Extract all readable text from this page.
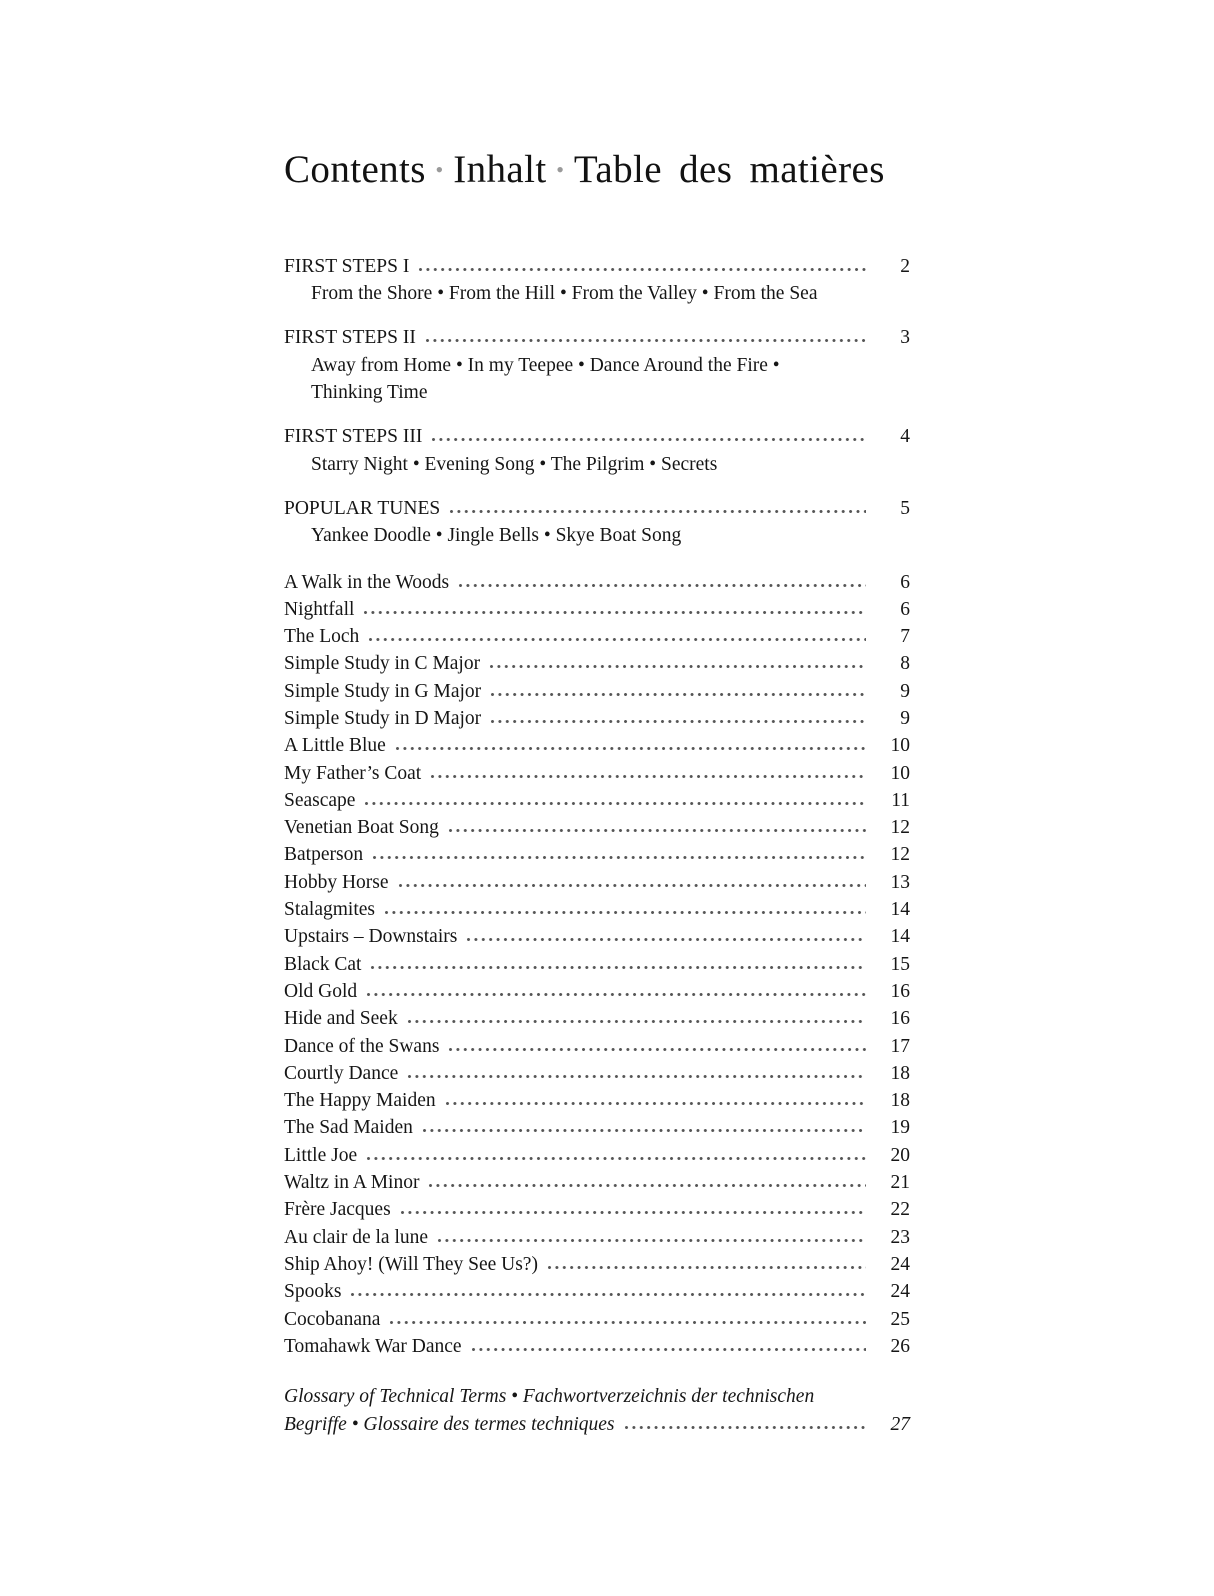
Contents • Inhalt • Table des matières
FIRST STEPS I	2
From the Shore • From the Hill • From the Valley • From the Sea
FIRST STEPS II	3
Away from Home • In my Teepee • Dance Around the Fire •
Thinking Time
FIRST STEPS III	4
Starry Night • Evening Song • The Pilgrim • Secrets
POPULAR TUNES	5
Yankee Doodle • Jingle Bells • Skye Boat Song
A Walk in the Woods	6
Nightfall	6
The Loch	7
Simple Study in C Major	8
Simple Study in G Major	9
Simple Study in D Major	9
A Little Blue	10
My Father’s Coat	10
Seascape	11
Venetian Boat Song	12
Batperson	12
Hobby Horse	13
Stalagmites	14
Upstairs – Downstairs	14
Black Cat	15
Old Gold	16
Hide and Seek	16
Dance of the Swans	17
Courtly Dance	18
The Happy Maiden	18
The Sad Maiden	19
Little Joe	20
Waltz in A Minor	21
Frère Jacques	22
Au clair de la lune	23
Ship Ahoy! (Will They See Us?)	24
Spooks	24
Cocobanana	25
Tomahawk War Dance	26
Glossary of Technical Terms • Fachwortverzeichnis der technischen
Begriffe • Glossaire des termes techniques	27
